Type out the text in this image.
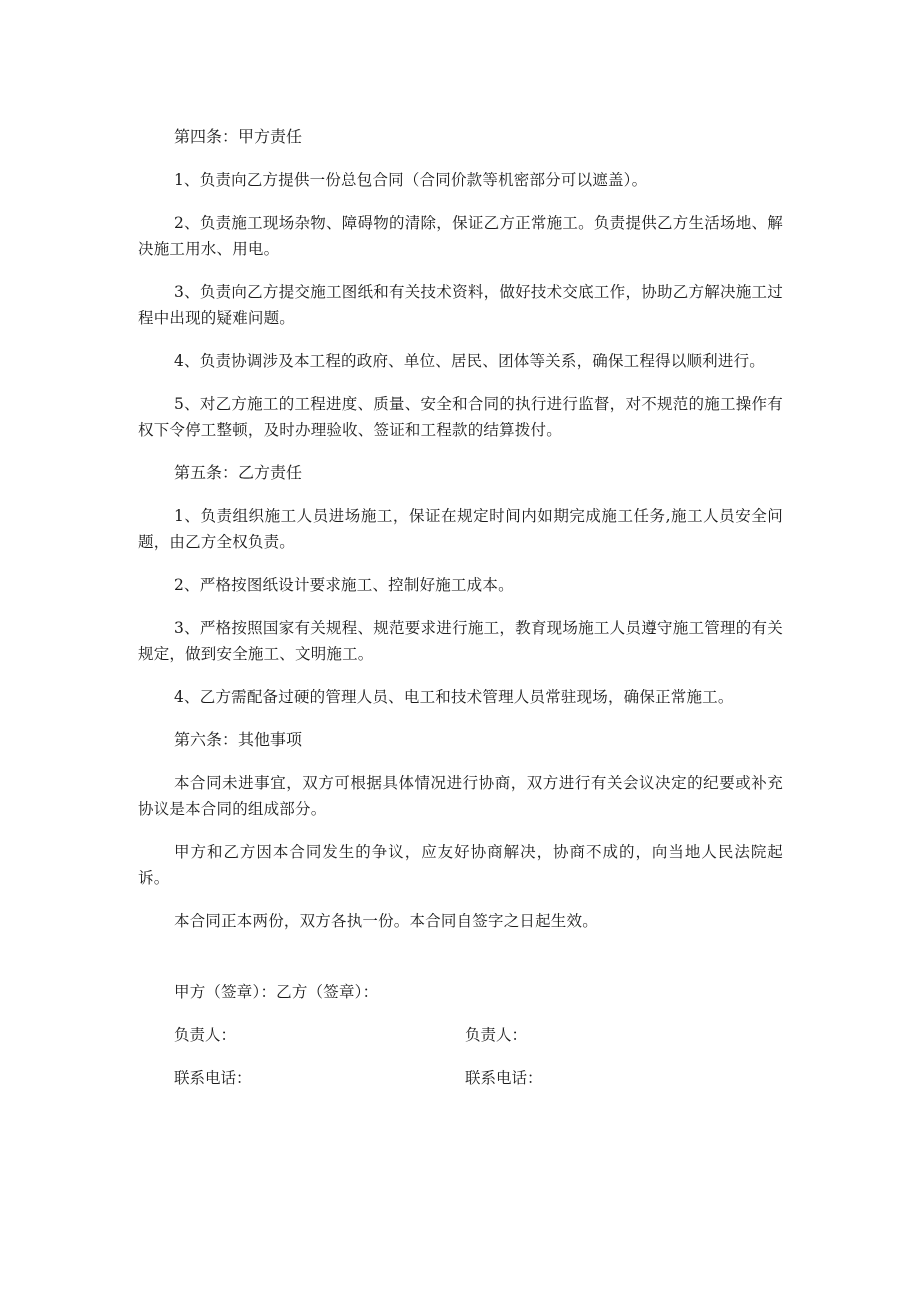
第四条：甲方责任
1、负责向乙方提供一份总包合同（合同价款等机密部分可以遮盖）。
2、负责施工现场杂物、障碍物的清除，保证乙方正常施工。负责提供乙方生活场地、解决施工用水、用电。
3、负责向乙方提交施工图纸和有关技术资料，做好技术交底工作，协助乙方解决施工过程中出现的疑难问题。
4、负责协调涉及本工程的政府、单位、居民、团体等关系，确保工程得以顺利进行。
5、对乙方施工的工程进度、质量、安全和合同的执行进行监督，对不规范的施工操作有权下令停工整顿，及时办理验收、签证和工程款的结算拨付。
第五条：乙方责任
1、负责组织施工人员进场施工，保证在规定时间内如期完成施工任务,施工人员安全问题，由乙方全权负责。
2、严格按图纸设计要求施工、控制好施工成本。
3、严格按照国家有关规程、规范要求进行施工，教育现场施工人员遵守施工管理的有关规定，做到安全施工、文明施工。
4、乙方需配备过硬的管理人员、电工和技术管理人员常驻现场，确保正常施工。
第六条：其他事项
本合同未进事宜，双方可根据具体情况进行协商，双方进行有关会议决定的纪要或补充协议是本合同的组成部分。
甲方和乙方因本合同发生的争议，应友好协商解决，协商不成的，向当地人民法院起诉。
本合同正本两份，双方各执一份。本合同自签字之日起生效。
甲方（签章）：乙方（签章）：
负责人：	负责人：
联系电话：	联系电话：
